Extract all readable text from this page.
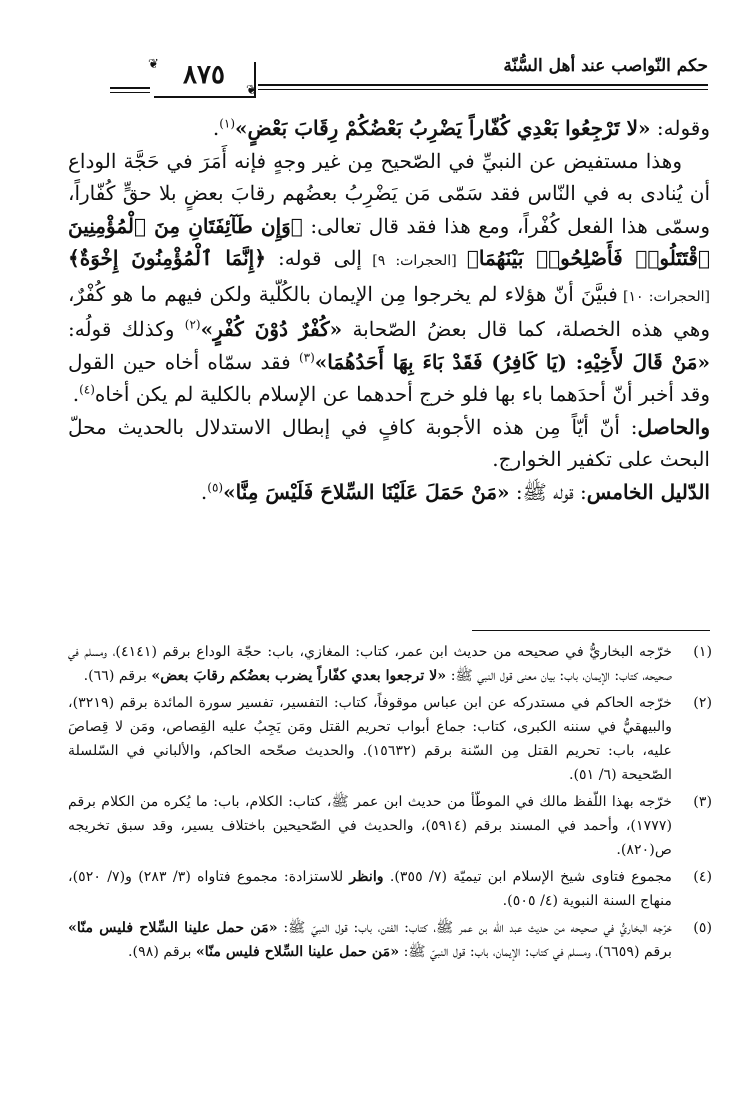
حكم النّواصب عند أهل السُّنّة
❦
❦
٨٧٥

وقوله: «لا تَرْجِعُوا بَعْدِي كُفّاراً يَضْرِبُ بَعْضُكُمْ رِقَابَ بَعْضٍ»$^{(١)}$.

وهذا مستفيض عن النبيِّ في الصّحيح مِن غير وجهٍ فإنه أَمَرَ في حَجَّة الوداع أن يُنادى به في النّاس فقد سَمّى مَن يَضْرِبُ بعضُهم رقابَ بعضٍ بلا حقٍّ كُفّاراً، وسمّى هذا الفعل كُفْراً، ومع هذا فقد قال تعالى: ﴿وَإِن طَآئِفَتَانِ مِنَ ٱلْمُؤْمِنِينَ ٱقْتَتَلُوا۟ فَأَصْلِحُوا۟ بَيْنَهُمَا﴾ [الحجرات: ٩] إلى قوله: ﴿إِنَّمَا ٱلْمُؤْمِنُونَ إِخْوَةٌ﴾ [الحجرات: ١٠] فبيَّنَ أنّ هؤلاء لم يخرجوا مِن الإيمان بالكُلّية ولكن فيهم ما هو كُفْرٌ، وهي هذه الخصلة، كما قال بعضُ الصّحابة «كُفْرٌ دُوْنَ كُفْرٍ»$^{(٢)}$ وكذلك قولُه: «مَنْ قَالَ لأَخِيْهِ: (يَا كَافِرُ) فَقَدْ بَاءَ بِهَا أَحَدُهُمَا»$^{(٣)}$ فقد سمّاه أخاه حين القول وقد أخبر أنّ أحدَهما باء بها فلو خرج أحدهما عن الإسلام بالكلية لم يكن أخاه$^{(٤)}$.

والحاصل: أنّ أيّاً مِن هذه الأجوبة كافٍ في إبطال الاستدلال بالحديث محلّ البحث على تكفير الخوارج.

الدّليل الخامس: قوله ﷺ: «مَنْ حَمَلَ عَلَيْنَا السِّلاحَ فَلَيْسَ مِنَّا»$^{(٥)}$.

(١)
خرّجه البخاريُّ في صحيحه من حديث ابن عمر، كتاب: المغازي، باب: حجّة الوداع برقم (٤١٤١)، ومسلم في صحيحه، كتاب: الإيمان، باب: بيان معنى قول النبي ﷺ: «لا ترجعوا بعدي كفّاراً يضرب بعضُكم رقابَ بعض» برقم (٦٦).
(٢)
خرّجه الحاكم في مستدركه عن ابن عباس موقوفاً، كتاب: التفسير، تفسير سورة المائدة برقم (٣٢١٩)، والبيهقيُّ في سننه الكبرى، كتاب: جماع أبواب تحريم القتل ومَن يَجِبُ عليه القِصاص، ومَن لا قِصاصَ عليه، باب: تحريم القتل مِن السّنة برقم (١٥٦٣٢). والحديث صحّحه الحاكم، والألباني في السّلسلة الصّحيحة (٦/ ٥١).
(٣)
خرّجه بهذا اللّفظ مالك في الموطّأ من حديث ابن عمر ﷺ، كتاب: الكلام، باب: ما يُكره من الكلام برقم (١٧٧٧)، وأحمد في المسند برقم (٥٩١٤)، والحديث في الصّحيحين باختلاف يسير، وقد سبق تخريجه ص(٨٢٠).
(٤)
مجموع فتاوى شيخ الإسلام ابن تيميّة (٧/ ٣٥٥). وانظر للاستزادة: مجموع فتاواه (٣/ ٢٨٣) و(٧/ ٥٢٠)، منهاج السنة النبوية (٤/ ٥٠٥).
(٥)
خرّجه البخاريُّ في صحيحه من حديث عبد الله بن عمر ﷺ، كتاب: الفتن، باب: قول النبيّ ﷺ: «مَن حمل علينا السِّلاح فليس منّا» برقم (٦٦٥٩)، ومسلم في كتاب: الإيمان، باب: قول النبيّ ﷺ: «مَن حمل علينا السِّلاح فليس منّا» برقم (٩٨).
